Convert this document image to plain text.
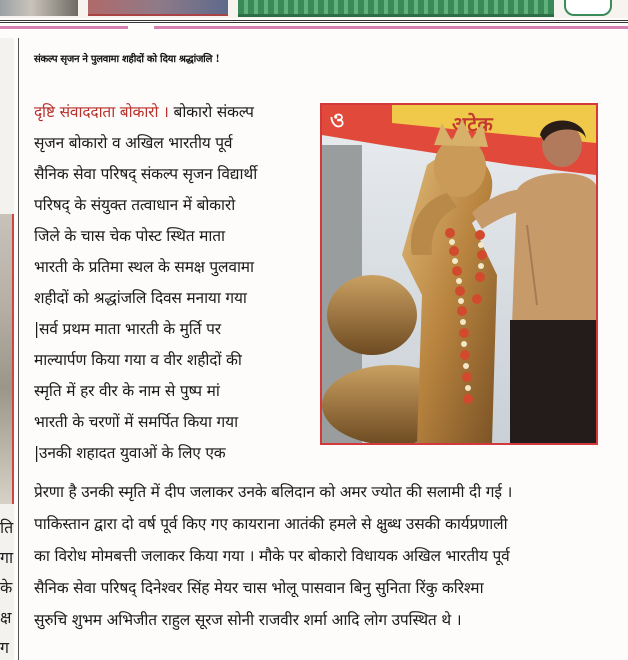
ति
गा
के
क्ष
ग
संकल्प सृजन ने पुलवामा शहीदों को दिया श्रद्धांजलि !
अटेक
ও
दृष्टि संवाददाता बोकारो । बोकारो संकल्प
सृजन बोकारो व अखिल भारतीय पूर्व
सैनिक सेवा परिषद् संकल्प सृजन विद्यार्थी
परिषद् के संयुक्त तत्वाधान में बोकारो
जिले के चास चेक पोस्ट स्थित माता
भारती के प्रतिमा स्थल के समक्ष पुलवामा
शहीदों को श्रद्धांजलि दिवस मनाया गया
|सर्व प्रथम माता भारती के मुर्ति पर
माल्यार्पण किया गया व वीर शहीदों की
स्मृति में हर वीर के नाम से पुष्प मां
भारती के चरणों में समर्पित किया गया
|उनकी शहादत युवाओं के लिए एक
प्रेरणा है उनकी स्मृति में दीप जलाकर उनके बलिदान को अमर ज्योत की सलामी दी गई ।
पाकिस्तान द्वारा दो वर्ष पूर्व किए गए कायराना आतंकी हमले से क्षुब्ध उसकी कार्यप्रणाली
का विरोध मोमबत्ती जलाकर किया गया । मौके पर बोकारो विधायक अखिल भारतीय पूर्व
सैनिक सेवा परिषद् दिनेश्वर सिंह मेयर चास भोलू पासवान बिनु सुनिता रिंकु करिश्मा
सुरुचि शुभम अभिजीत राहुल सूरज सोनी राजवीर शर्मा आदि लोग उपस्थित थे ।
